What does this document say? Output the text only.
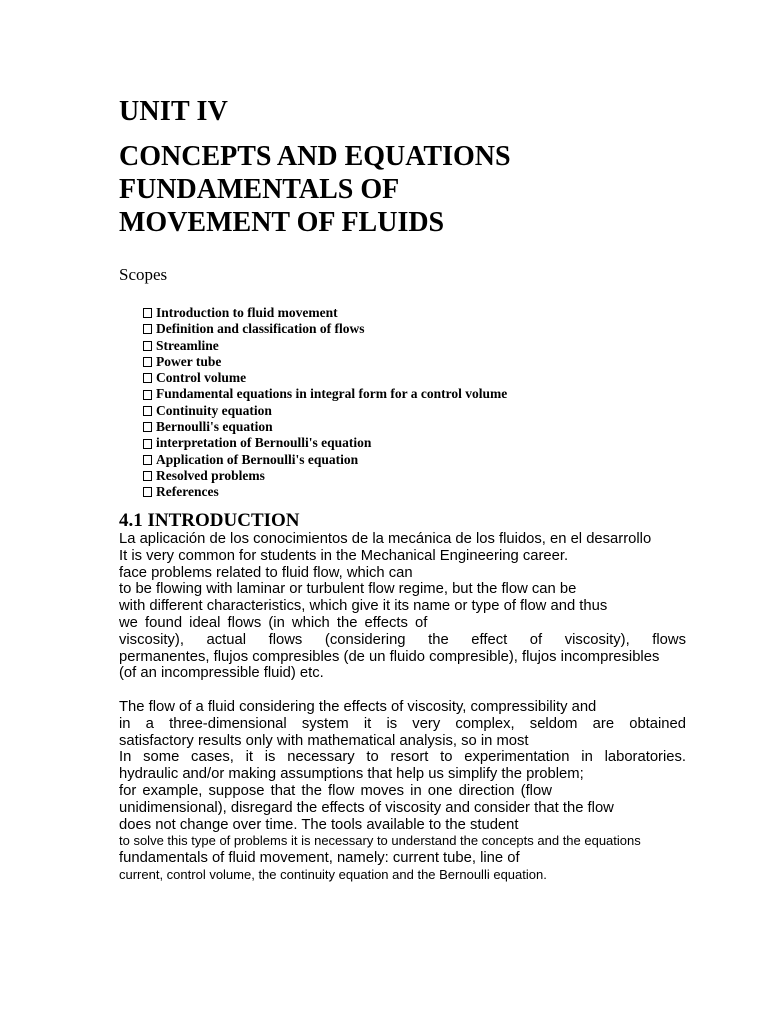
UNIT IV
CONCEPTS AND EQUATIONS
FUNDAMENTALS OF
MOVEMENT OF FLUIDS
Scopes
Introduction to fluid movement
Definition and classification of flows
Streamline
Power tube
Control volume
Fundamental equations in integral form for a control volume
Continuity equation
Bernoulli's equation
interpretation of Bernoulli's equation
Application of Bernoulli's equation
Resolved problems
References
4.1 INTRODUCTION
La aplicación de los conocimientos de la mecánica de los fluidos, en el desarrollo
It is very common for students in the Mechanical Engineering career.
face problems related to fluid flow, which can
to be flowing with laminar or turbulent flow regime, but the flow can be
with different characteristics, which give it its name or type of flow and thus
we found ideal flows (in which the effects of
viscosity), actual flows (considering the effect of viscosity), flows
permanentes, flujos compresibles (de un fluido compresible), flujos incompresibles
(of an incompressible fluid) etc.
The flow of a fluid considering the effects of viscosity, compressibility and
in a three-dimensional system it is very complex, seldom are obtained
satisfactory results only with mathematical analysis, so in most
In some cases, it is necessary to resort to experimentation in laboratories.
hydraulic and/or making assumptions that help us simplify the problem;
for example, suppose that the flow moves in one direction (flow
unidimensional), disregard the effects of viscosity and consider that the flow
does not change over time. The tools available to the student
to solve this type of problems it is necessary to understand the concepts and the equations
fundamentals of fluid movement, namely: current tube, line of
current, control volume, the continuity equation and the Bernoulli equation.
